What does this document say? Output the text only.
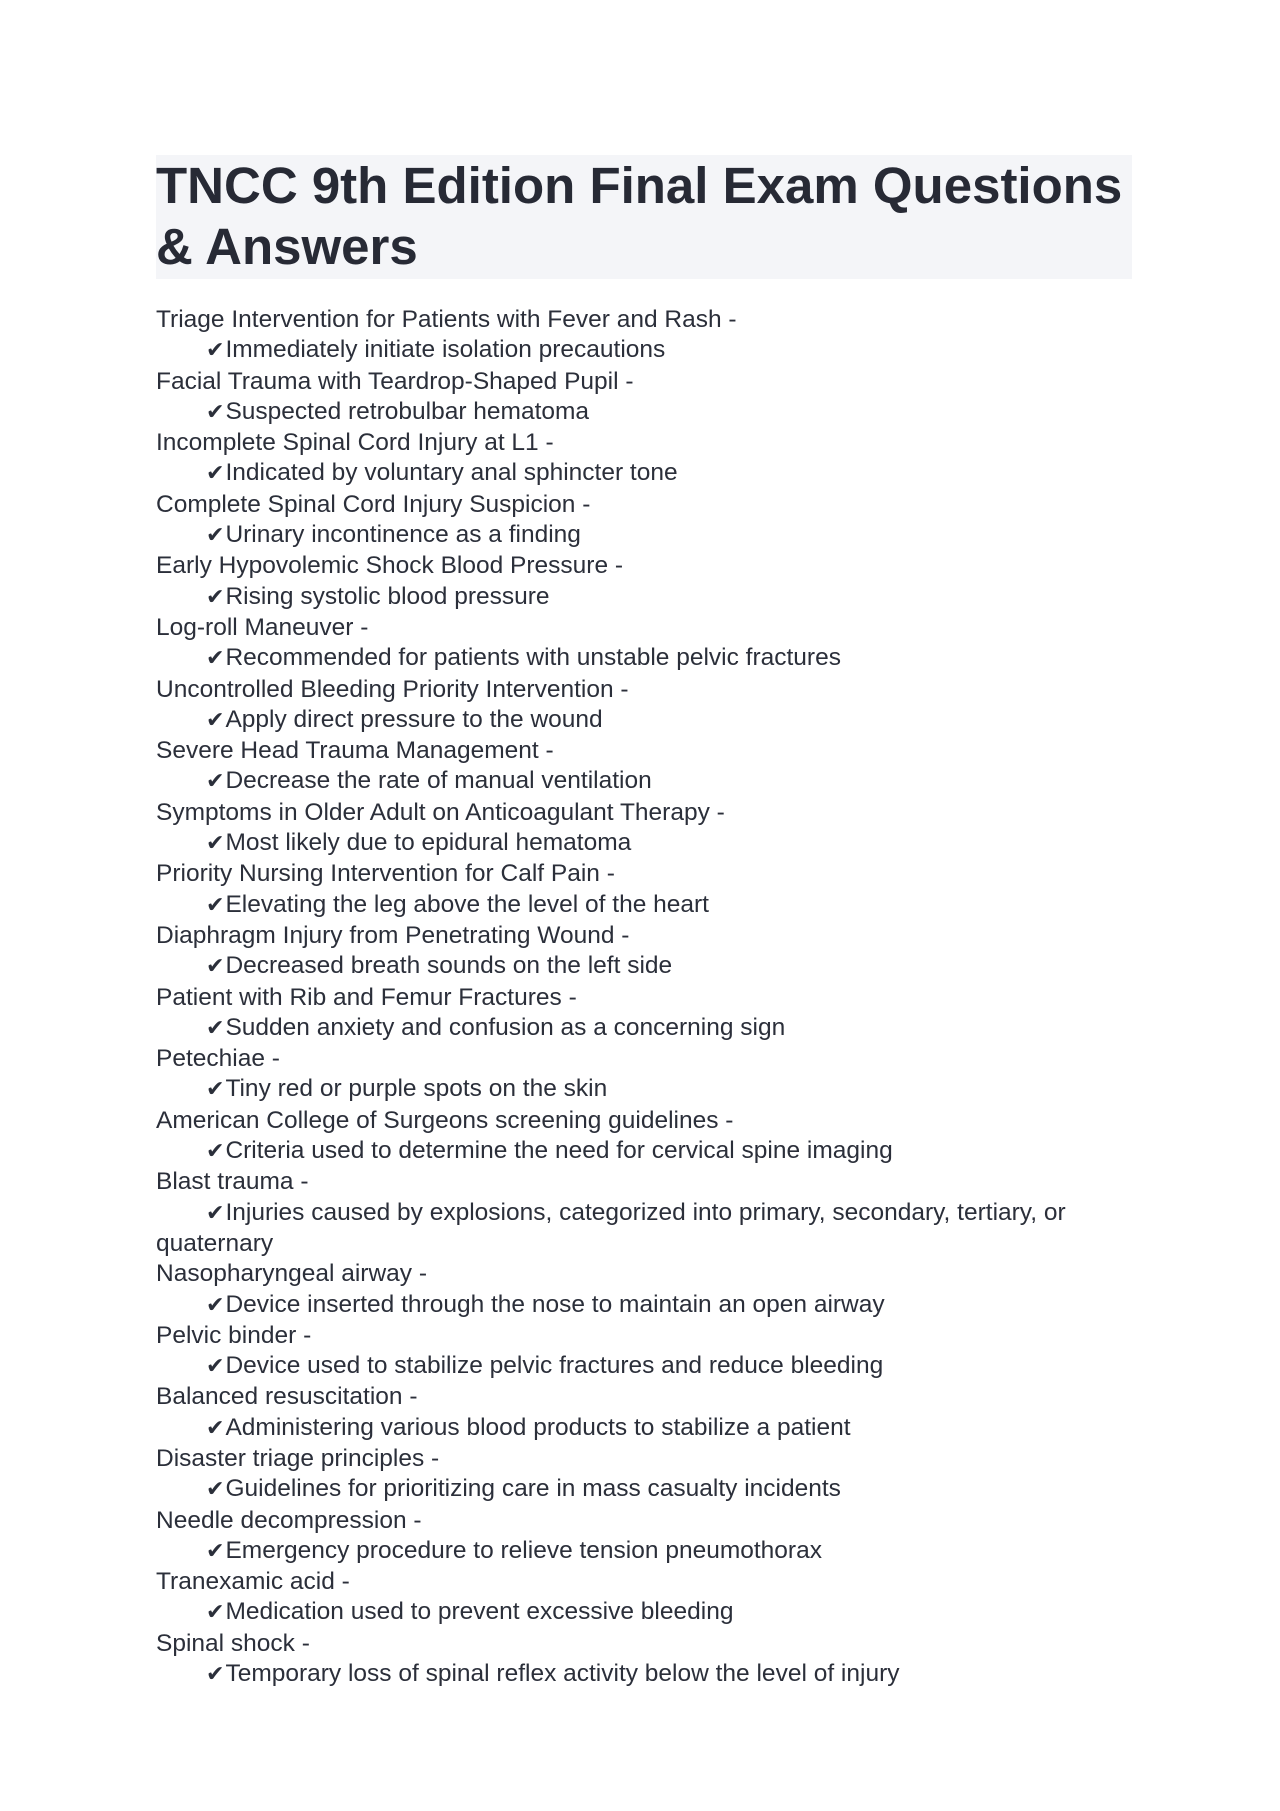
TNCC 9th Edition Final Exam Questions & Answers
Triage Intervention for Patients with Fever and Rash -
✔Immediately initiate isolation precautions
Facial Trauma with Teardrop-Shaped Pupil -
✔Suspected retrobulbar hematoma
Incomplete Spinal Cord Injury at L1 -
✔Indicated by voluntary anal sphincter tone
Complete Spinal Cord Injury Suspicion -
✔Urinary incontinence as a finding
Early Hypovolemic Shock Blood Pressure -
✔Rising systolic blood pressure
Log-roll Maneuver -
✔Recommended for patients with unstable pelvic fractures
Uncontrolled Bleeding Priority Intervention -
✔Apply direct pressure to the wound
Severe Head Trauma Management -
✔Decrease the rate of manual ventilation
Symptoms in Older Adult on Anticoagulant Therapy -
✔Most likely due to epidural hematoma
Priority Nursing Intervention for Calf Pain -
✔Elevating the leg above the level of the heart
Diaphragm Injury from Penetrating Wound -
✔Decreased breath sounds on the left side
Patient with Rib and Femur Fractures -
✔Sudden anxiety and confusion as a concerning sign
Petechiae -
✔Tiny red or purple spots on the skin
American College of Surgeons screening guidelines -
✔Criteria used to determine the need for cervical spine imaging
Blast trauma -
✔Injuries caused by explosions, categorized into primary, secondary, tertiary, or quaternary
Nasopharyngeal airway -
✔Device inserted through the nose to maintain an open airway
Pelvic binder -
✔Device used to stabilize pelvic fractures and reduce bleeding
Balanced resuscitation -
✔Administering various blood products to stabilize a patient
Disaster triage principles -
✔Guidelines for prioritizing care in mass casualty incidents
Needle decompression -
✔Emergency procedure to relieve tension pneumothorax
Tranexamic acid -
✔Medication used to prevent excessive bleeding
Spinal shock -
✔Temporary loss of spinal reflex activity below the level of injury
